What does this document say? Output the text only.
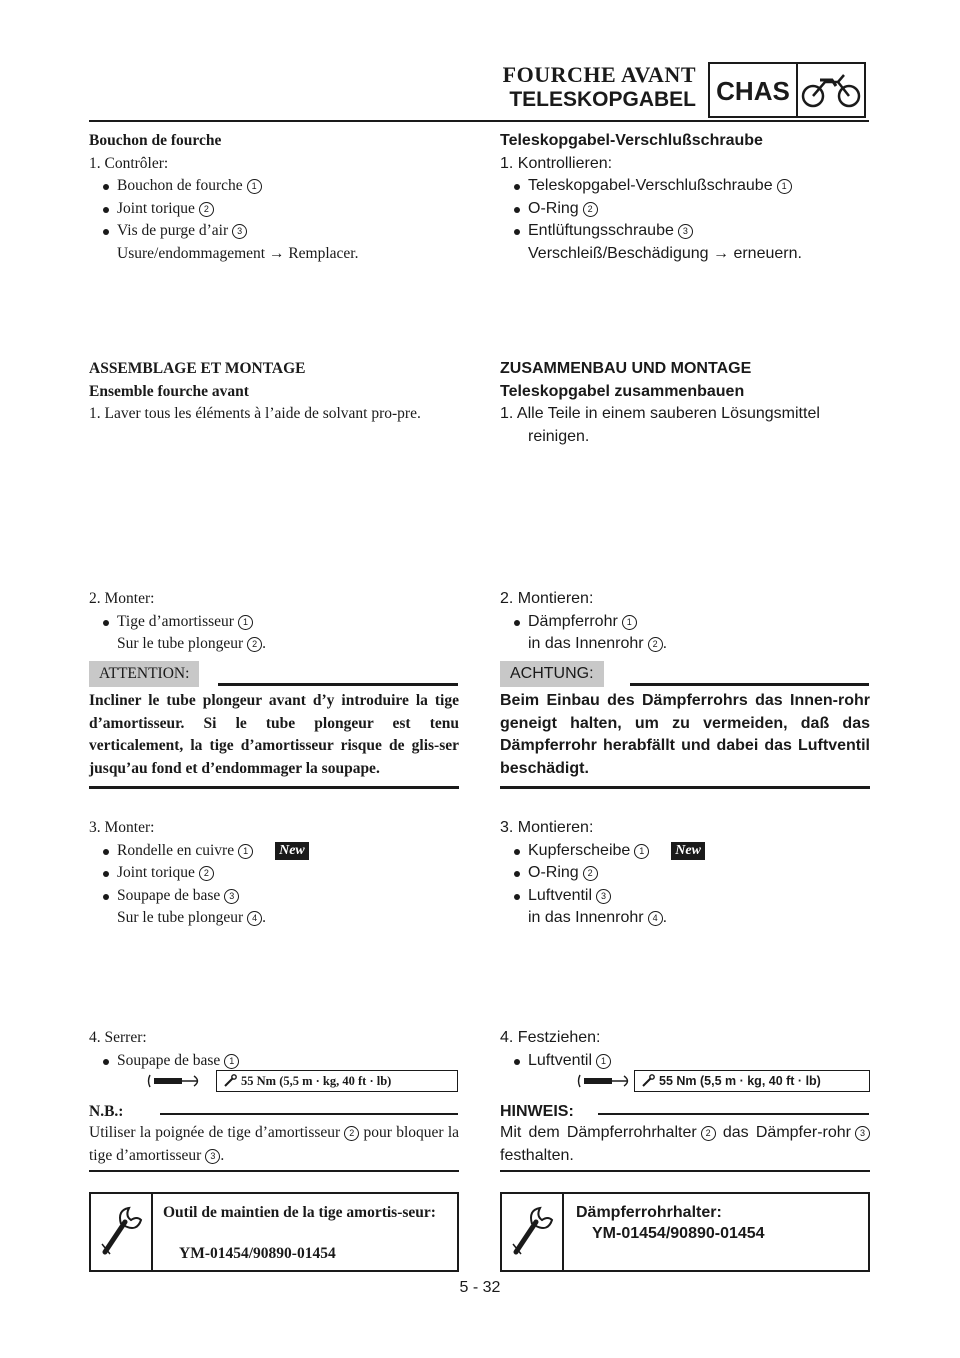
FOURCHE AVANT
TELESKOPGABEL CHAS
Bouchon de fourche
1. Contrôler:
Bouchon de fourche 1
Joint torique 2
Vis de purge d’air 3
Usure/endommagement → Remplacer.
ASSEMBLAGE ET MONTAGE
Ensemble fourche avant
1. Laver tous les éléments à l’aide de solvant pro-pre.
2. Monter:
Tige d’amortisseur 1
Sur le tube plongeur 2 .
ATTENTION:
Incliner le tube plongeur avant d’y introduire la tige d’amortisseur. Si le tube plongeur est tenu verticalement, la tige d’amortisseur risque de glis-ser jusqu’au fond et d’endommager la soupape.
3. Monter:
Rondelle en cuivre 1 New
Joint torique 2
Soupape de base 3
Sur le tube plongeur 4 .
4. Serrer:
Soupape de base 1
55 Nm (5,5 m · kg, 40 ft · lb)
N.B.:
Utiliser la poignée de tige d’amortisseur 2 pour bloquer la tige d’amortisseur 3 .
Outil de maintien de la tige amortis-seur:
YM-01454/90890-01454
Teleskopgabel-Verschlußschraube
1. Kontrollieren:
Teleskopgabel-Verschlußschraube 1
O-Ring 2
Entlüftungsschraube 3
Verschleiß/Beschädigung → erneuern.
ZUSAMMENBAU UND MONTAGE
Teleskopgabel zusammenbauen
1. Alle Teile in einem sauberen Lösungsmittel reinigen.
2. Montieren:
Dämpferrohr 1
in das Innenrohr 2 .
ACHTUNG:
Beim Einbau des Dämpferrohrs das Innen-rohr geneigt halten, um zu vermeiden, daß das Dämpferrohr herabfällt und dabei das Luftventil beschädigt.
3. Montieren:
Kupferscheibe 1 New
O-Ring 2
Luftventil 3
in das Innenrohr 4 .
4. Festziehen:
Luftventil 1
55 Nm (5,5 m · kg, 40 ft · lb)
HINWEIS:
Mit dem Dämpferrohrhalter 2 das Dämpfer-rohr 3 festhalten.
Dämpferrohrhalter:
YM-01454/90890-01454
5 - 32
